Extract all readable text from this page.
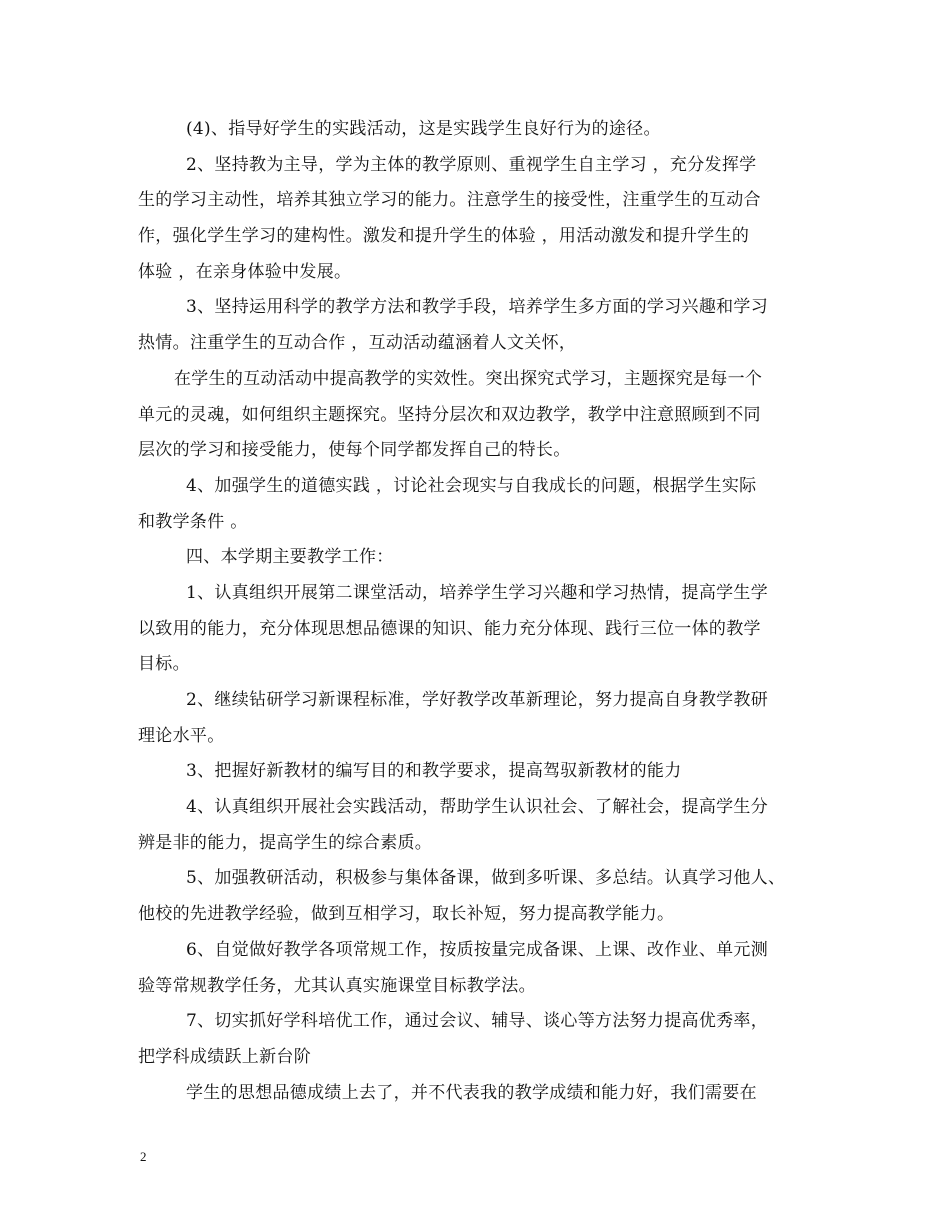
(4)、指导好学生的实践活动，这是实践学生良好行为的途径。
2、坚持教为主导，学为主体的教学原则、重视学生自主学习 ，充分发挥学
生的学习主动性，培养其独立学习的能力。注意学生的接受性，注重学生的互动合
作，强化学生学习的建构性。激发和提升学生的体验 ，用活动激发和提升学生的
体验 ，在亲身体验中发展。
3、坚持运用科学的教学方法和教学手段，培养学生多方面的学习兴趣和学习
热情。注重学生的互动合作 ，互动活动蕴涵着人文关怀，
在学生的互动活动中提高教学的实效性。突出探究式学习，主题探究是每一个
单元的灵魂，如何组织主题探究。坚持分层次和双边教学，教学中注意照顾到不同
层次的学习和接受能力，使每个同学都发挥自己的特长。
4、加强学生的道德实践 ，讨论社会现实与自我成长的问题，根据学生实际
和教学条件 。
四、本学期主要教学工作：
1、认真组织开展第二课堂活动，培养学生学习兴趣和学习热情，提高学生学
以致用的能力，充分体现思想品德课的知识、能力充分体现、践行三位一体的教学
目标。
2、继续钻研学习新课程标准，学好教学改革新理论，努力提高自身教学教研
理论水平。
3、把握好新教材的编写目的和教学要求，提高驾驭新教材的能力
4、认真组织开展社会实践活动，帮助学生认识社会、了解社会，提高学生分
辨是非的能力，提高学生的综合素质。
5、加强教研活动，积极参与集体备课，做到多听课、多总结。认真学习他人、
他校的先进教学经验，做到互相学习，取长补短，努力提高教学能力。
6、自觉做好教学各项常规工作，按质按量完成备课、上课、改作业、单元测
验等常规教学任务，尤其认真实施课堂目标教学法。
7、切实抓好学科培优工作，通过会议、辅导、谈心等方法努力提高优秀率，
把学科成绩跃上新台阶
学生的思想品德成绩上去了，并不代表我的教学成绩和能力好，我们需要在
2
